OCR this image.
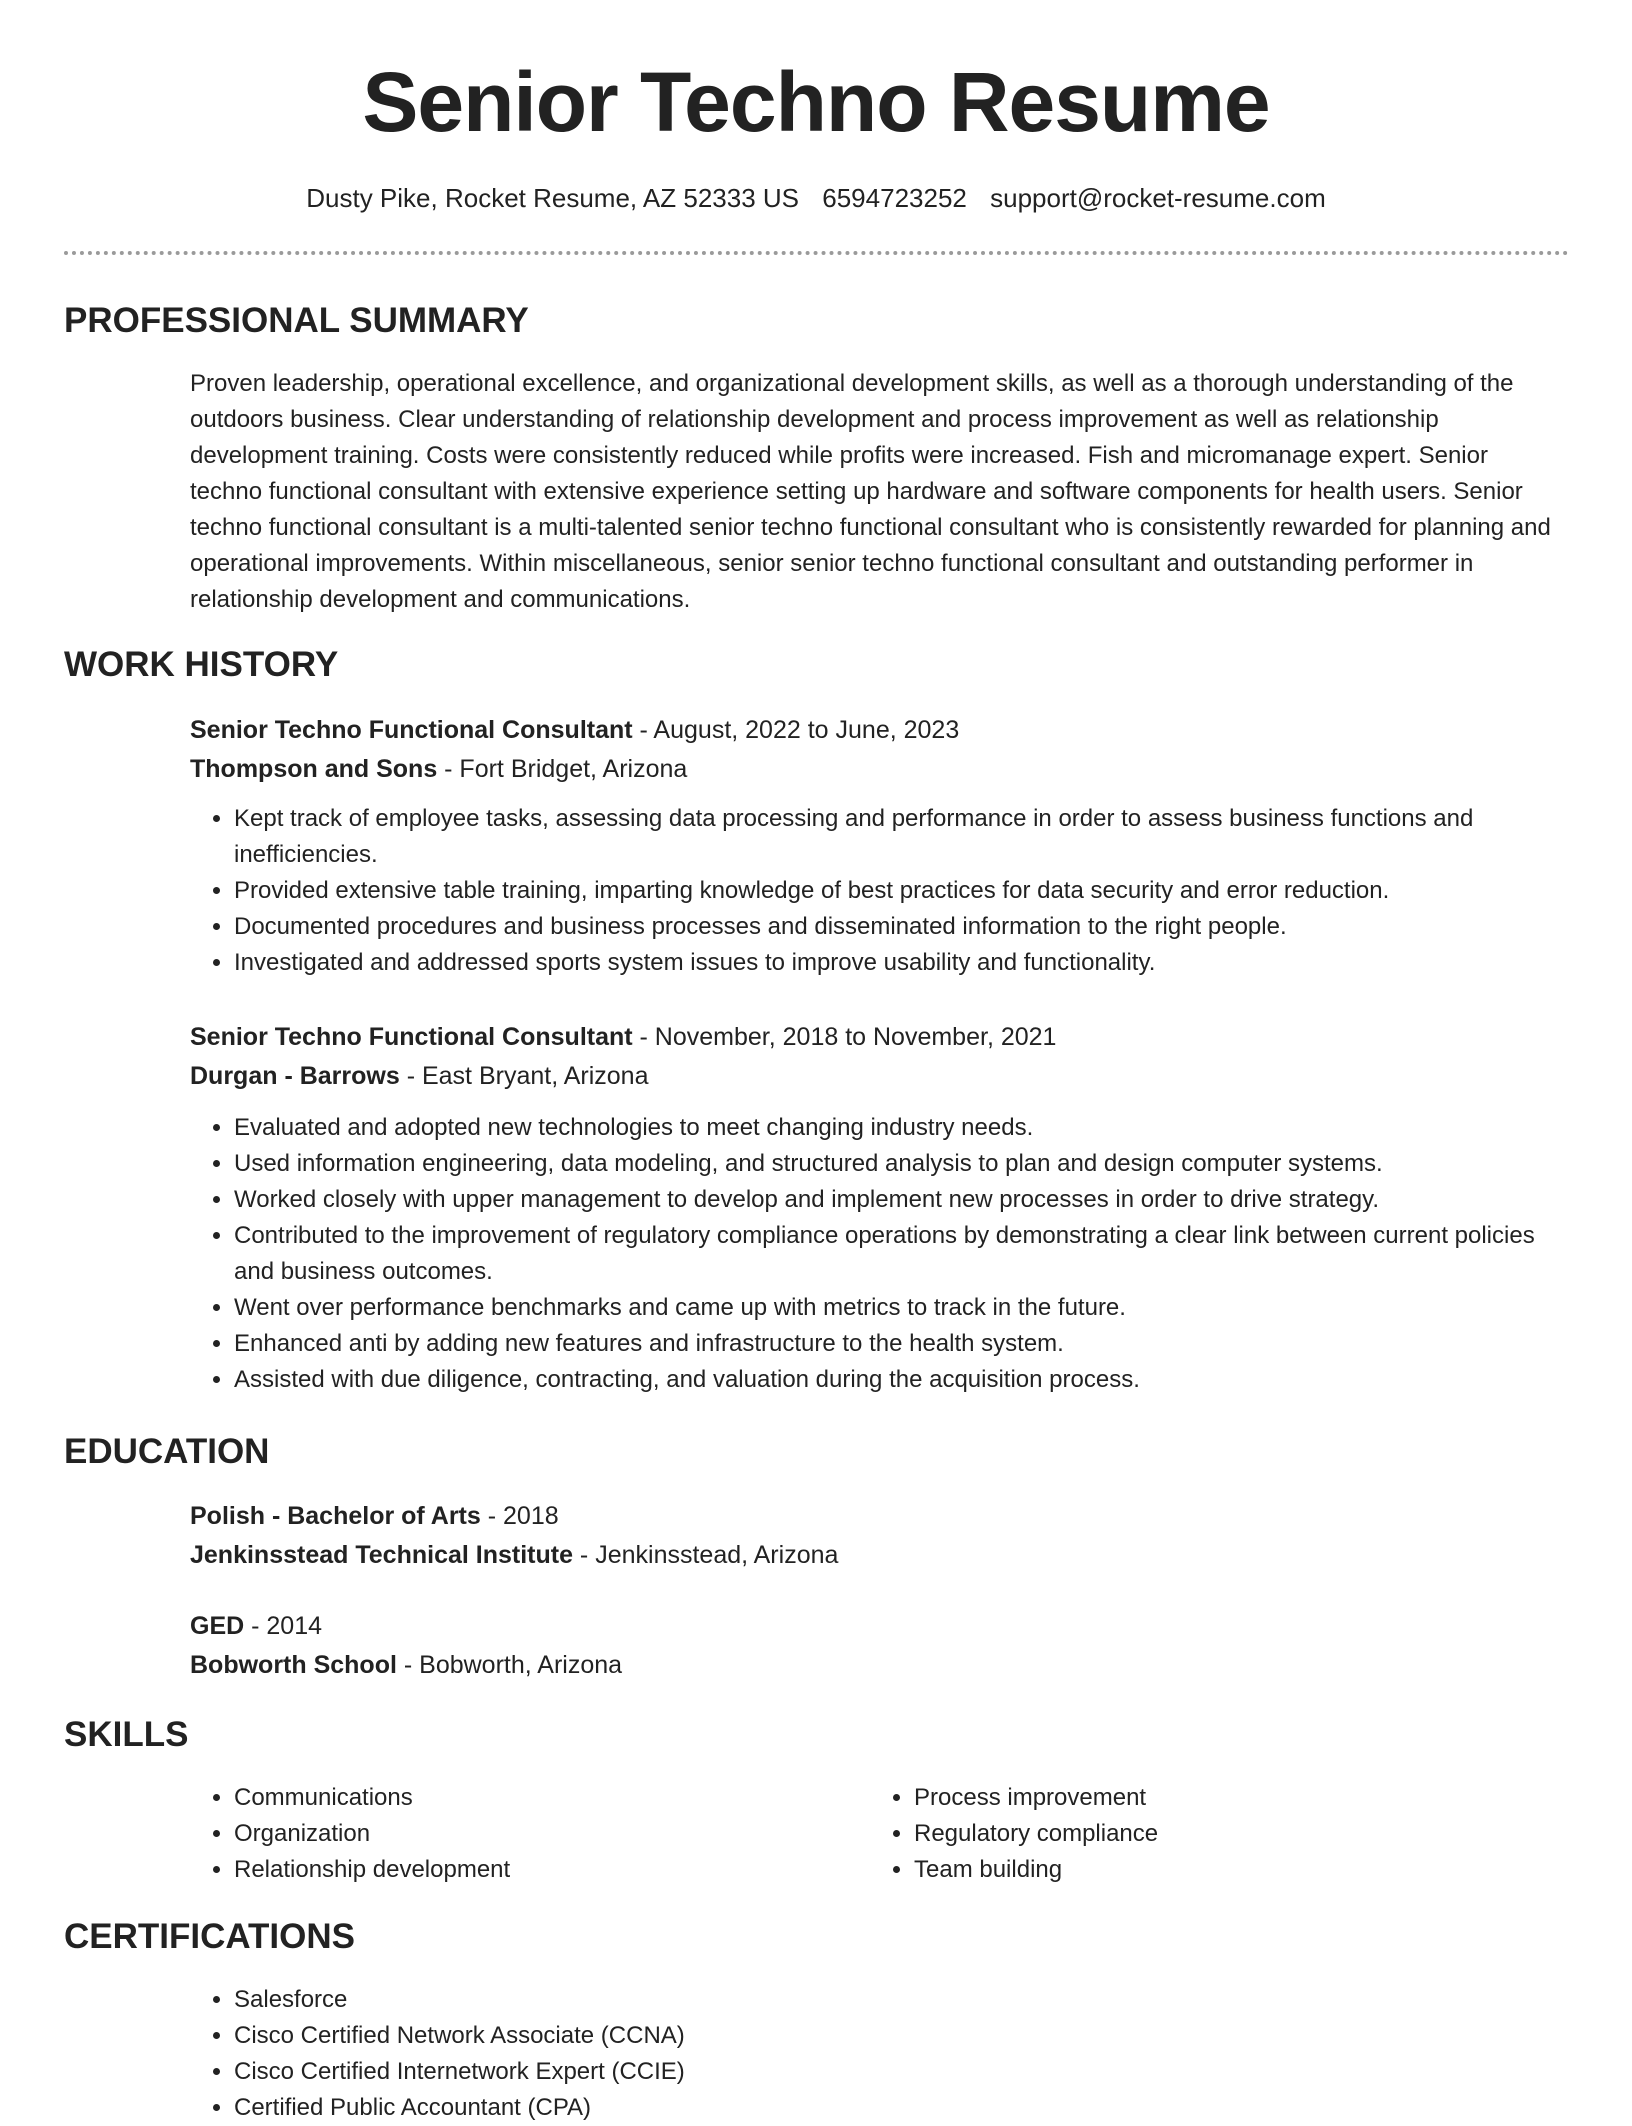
Senior Techno Resume
Dusty Pike, Rocket Resume, AZ 52333 US 6594723252 support@rocket-resume.com
PROFESSIONAL SUMMARY
Proven leadership, operational excellence, and organizational development skills, as well as a thorough understanding of the outdoors business. Clear understanding of relationship development and process improvement as well as relationship development training. Costs were consistently reduced while profits were increased. Fish and micromanage expert. Senior techno functional consultant with extensive experience setting up hardware and software components for health users. Senior techno functional consultant is a multi-talented senior techno functional consultant who is consistently rewarded for planning and operational improvements. Within miscellaneous, senior senior techno functional consultant and outstanding performer in relationship development and communications.
WORK HISTORY
Senior Techno Functional Consultant - August, 2022 to June, 2023
Thompson and Sons - Fort Bridget, Arizona
• Kept track of employee tasks, assessing data processing and performance in order to assess business functions and inefficiencies.
• Provided extensive table training, imparting knowledge of best practices for data security and error reduction.
• Documented procedures and business processes and disseminated information to the right people.
• Investigated and addressed sports system issues to improve usability and functionality.
Senior Techno Functional Consultant - November, 2018 to November, 2021
Durgan - Barrows - East Bryant, Arizona
• Evaluated and adopted new technologies to meet changing industry needs.
• Used information engineering, data modeling, and structured analysis to plan and design computer systems.
• Worked closely with upper management to develop and implement new processes in order to drive strategy.
• Contributed to the improvement of regulatory compliance operations by demonstrating a clear link between current policies and business outcomes.
• Went over performance benchmarks and came up with metrics to track in the future.
• Enhanced anti by adding new features and infrastructure to the health system.
• Assisted with due diligence, contracting, and valuation during the acquisition process.
EDUCATION
Polish - Bachelor of Arts - 2018
Jenkinsstead Technical Institute - Jenkinsstead, Arizona
GED - 2014
Bobworth School - Bobworth, Arizona
SKILLS
• Communications
• Organization
• Relationship development
• Process improvement
• Regulatory compliance
• Team building
CERTIFICATIONS
• Salesforce
• Cisco Certified Network Associate (CCNA)
• Cisco Certified Internetwork Expert (CCIE)
• Certified Public Accountant (CPA)
